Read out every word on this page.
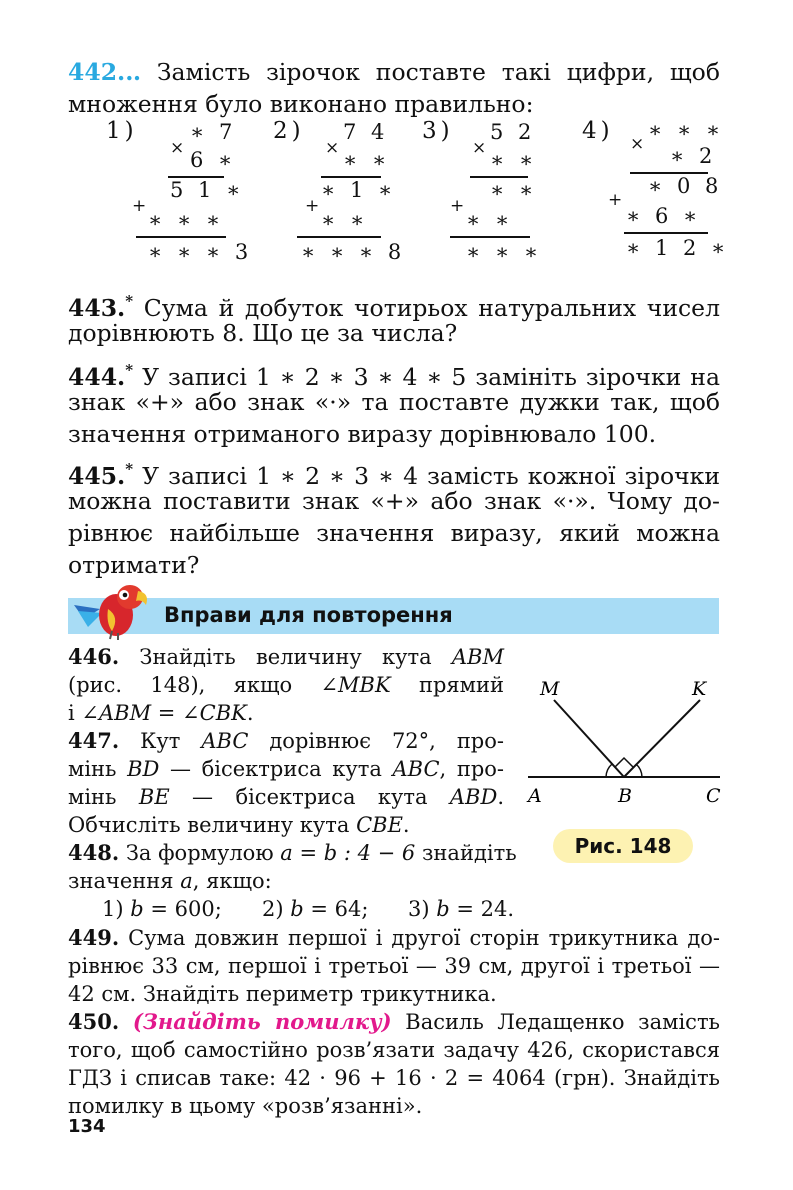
442.‥ Замість зірочок поставте такі цифри, щоб
множення було виконано правильно:
1)
×
∗ 7
6 ∗
5 1 ∗
+
∗ ∗ ∗
∗ ∗ ∗ 3
2)
×
7 4
∗ ∗
∗ 1 ∗
+
∗ ∗
∗ ∗ ∗ 8
3)
×
5 2
∗ ∗
∗ ∗
+
∗ ∗
∗ ∗ ∗
4) ×
∗ ∗ ∗
∗ 2
∗ 0 8
+
∗ 6 ∗
∗ 1 2 ∗
443.* Сума й добуток чотирьох натуральних чисел
дорівнюють 8. Що це за числа?
444.* У записі 1 ∗ 2 ∗ 3 ∗ 4 ∗ 5 замініть зірочки на
знак «+» або знак «·» та поставте дужки так, щоб
значення отриманого виразу дорівнювало 100.
445.* У записі 1 ∗ 2 ∗ 3 ∗ 4 замість кожної зірочки
можна поставити знак «+» або знак «·». Чому до-
рівнює найбільше значення виразу, який можна
отримати?
Вправи для повторення
446. Знайдіть величину кута ABM
(рис. 148), якщо ∠MBK прямий
і ∠ABM = ∠CBK.
447. Кут ABC дорівнює 72°, про-
мінь BD — бісектриса кута ABC, про-
мінь BE — бісектриса кута ABD.
Обчисліть величину кута CBE.
448. За формулою a = b : 4 − 6 знайдіть
значення a, якщо:
1) b = 600; 2) b = 64; 3) b = 24.
M	K
A	B	C
Рис. 148
449. Сума довжин першої і другої сторін трикутника до-
рівнює 33 см, першої і третьої — 39 см, другої і третьої —
42 см. Знайдіть периметр трикутника.
450. (Знайдіть помилку) Василь Ледащенко замість
того, щоб самостійно розв’язати задачу 426, скористався
ГДЗ і списав таке: 42 · 96 + 16 · 2 = 4064 (грн). Знайдіть
помилку в цьому «розв’язанні».
134
